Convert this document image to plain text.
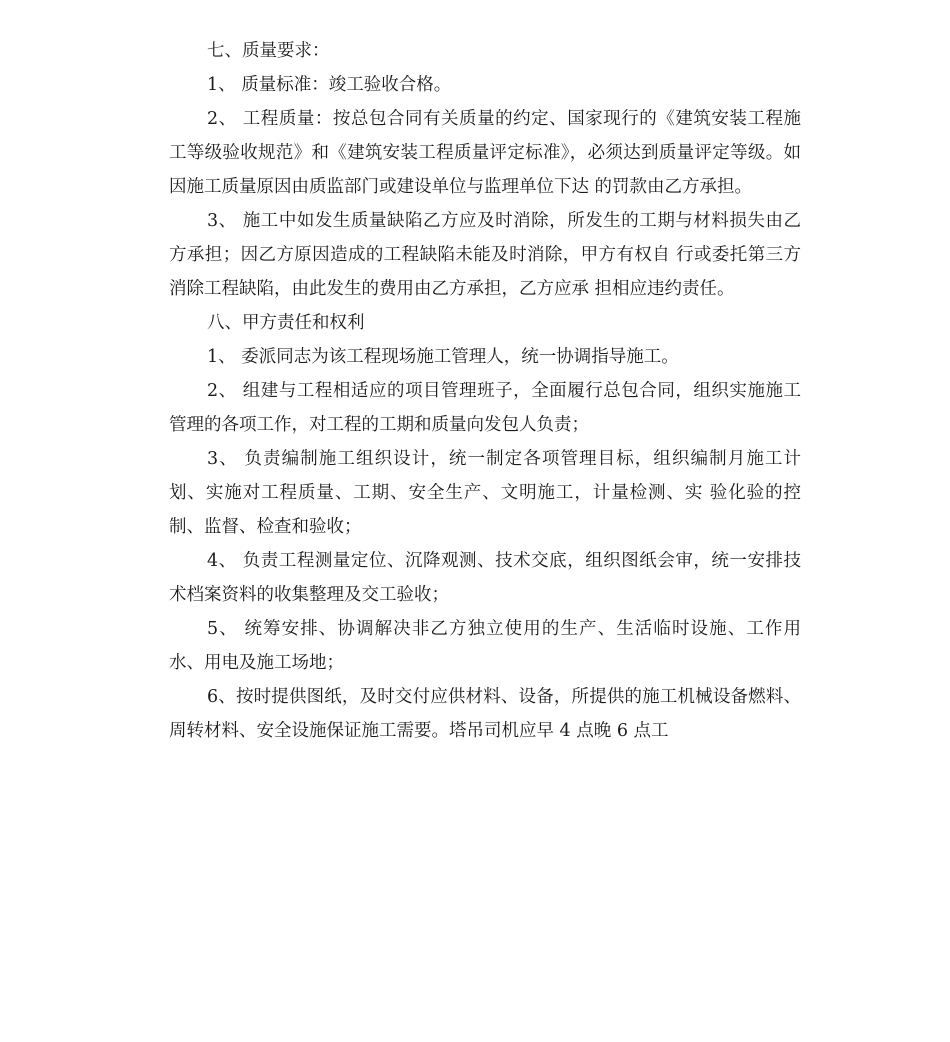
七、质量要求：

1、 质量标准：竣工验收合格。

2、 工程质量：按总包合同有关质量的约定、国家现行的《建筑安装工程施工等级验收规范》和《建筑安装工程质量评定标准》，必须达到质量评定等级。如因施工质量原因由质监部门或建设单位与监理单位下达 的罚款由乙方承担。

3、 施工中如发生质量缺陷乙方应及时消除，所发生的工期与材料损失由乙方承担；因乙方原因造成的工程缺陷未能及时消除，甲方有权自 行或委托第三方消除工程缺陷，由此发生的费用由乙方承担，乙方应承 担相应违约责任。

八、甲方责任和权利

1、 委派同志为该工程现场施工管理人，统一协调指导施工。

2、 组建与工程相适应的项目管理班子，全面履行总包合同，组织实施施工管理的各项工作，对工程的工期和质量向发包人负责；

3、 负责编制施工组织设计，统一制定各项管理目标，组织编制月施工计划、实施对工程质量、工期、安全生产、文明施工，计量检测、实 验化验的控制、监督、检查和验收；

4、 负责工程测量定位、沉降观测、技术交底，组织图纸会审，统一安排技术档案资料的收集整理及交工验收；

5、 统筹安排、协调解决非乙方独立使用的生产、生活临时设施、工作用水、用电及施工场地；

6、按时提供图纸，及时交付应供材料、设备，所提供的施工机械设备燃料、周转材料、安全设施保证施工需要。塔吊司机应早 4 点晚 6 点工
